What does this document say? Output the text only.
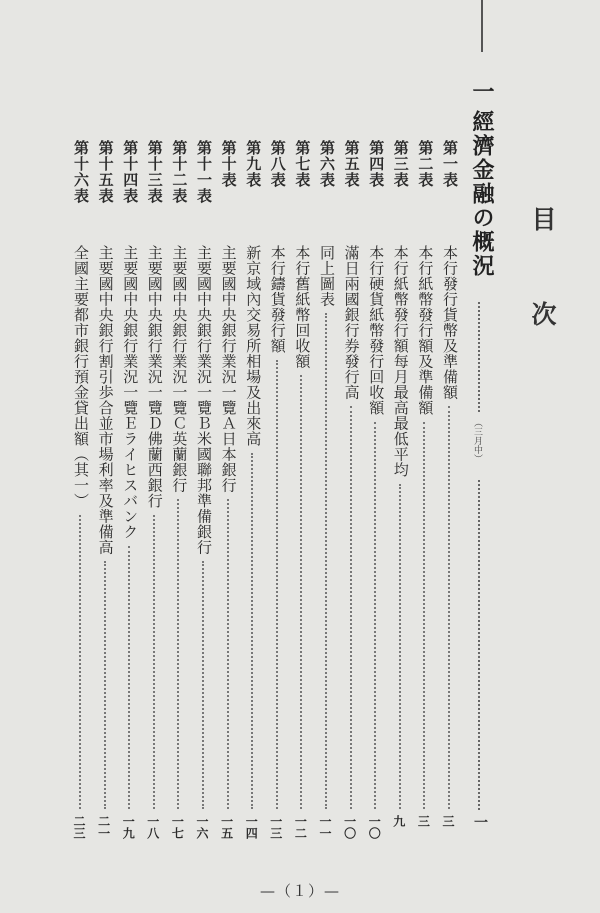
目次
一
經濟金融の概況
（三月中）
一
第一表
本行發行貨幣及準備額
三
第二表
本行紙幣發行額及準備額
三
第三表
本行紙幣發行額每月最高最低平均
九
第四表
本行硬貨紙幣發行回收額
一〇
第五表
滿日兩國銀行券發行高
一〇
第六表
同上圖表
一一
第七表
本行舊紙幣回收額
一二
第八表
本行鑄貨發行額
一三
第九表
新京域內交易所相場及出來高
一四
第十表
主要國中央銀行業況一覽Ａ日本銀行
一五
第十一表
主要國中央銀行業況一覽Ｂ米國聯邦準備銀行
一六
第十二表
主要國中央銀行業況一覽Ｃ英蘭銀行
一七
第十三表
主要國中央銀行業況一覽Ｄ佛蘭西銀行
一八
第十四表
主要國中央銀行業況一覽Ｅライヒスバンク
一九
第十五表
主要國中央銀行割引歩合並市場利率及準備高
二一
第十六表
全國主要都市銀行預金貸出額（其一）
二三
—（１）—
